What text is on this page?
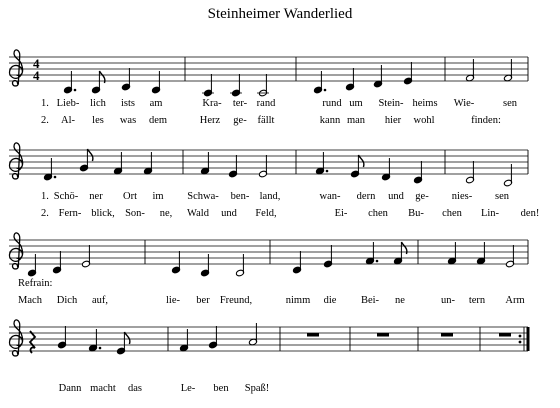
Steinheimer Wanderlied
4
4
1. Lieb- lich ists am	Kra- ter- rand	rund um Stein- heims Wie-	sen
2. Al- les was dem	Herz ge- fällt	kann man hier wohl	finden:
1. Schö- ner Ort im Schwa- ben- land,	wan- dern und ge- nies- sen
2. Fern- blick, Son- ne, Wald und Feld,	Ei- chen Bu- chen Lin- den!
Mach Dich auf,	lie- ber Freund,	nimm die Bei- ne	un- tern Arm
Refrain:
Dann macht das	Le- ben Spaß!
